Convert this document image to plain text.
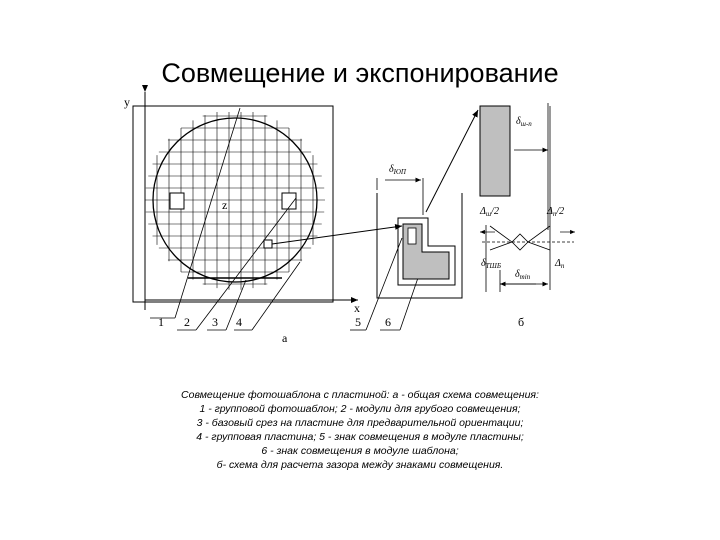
Совмещение и экспонирование
y
x
z
1 2 3 4	5 6
а
$\delta_{ЮП}$
$\delta_{ш-п}$
$\Delta_ш/2$	$\Delta_п/2$
$\delta_{ТШБ}$	$\Delta_п$
$\delta_{min}$
б
Совмещение фотошаблона с пластиной: а - общая схема совмещения:
1 - групповой фотошаблон; 2 - модули для грубого совмещения;
3 - базовый срез на пластине для предварительной ориентации;
4 - групповая пластина; 5 - знак совмещения в модуле пластины;
6 - знак совмещения в модуле шаблона;
б- схема для расчета зазора между знаками совмещения.
